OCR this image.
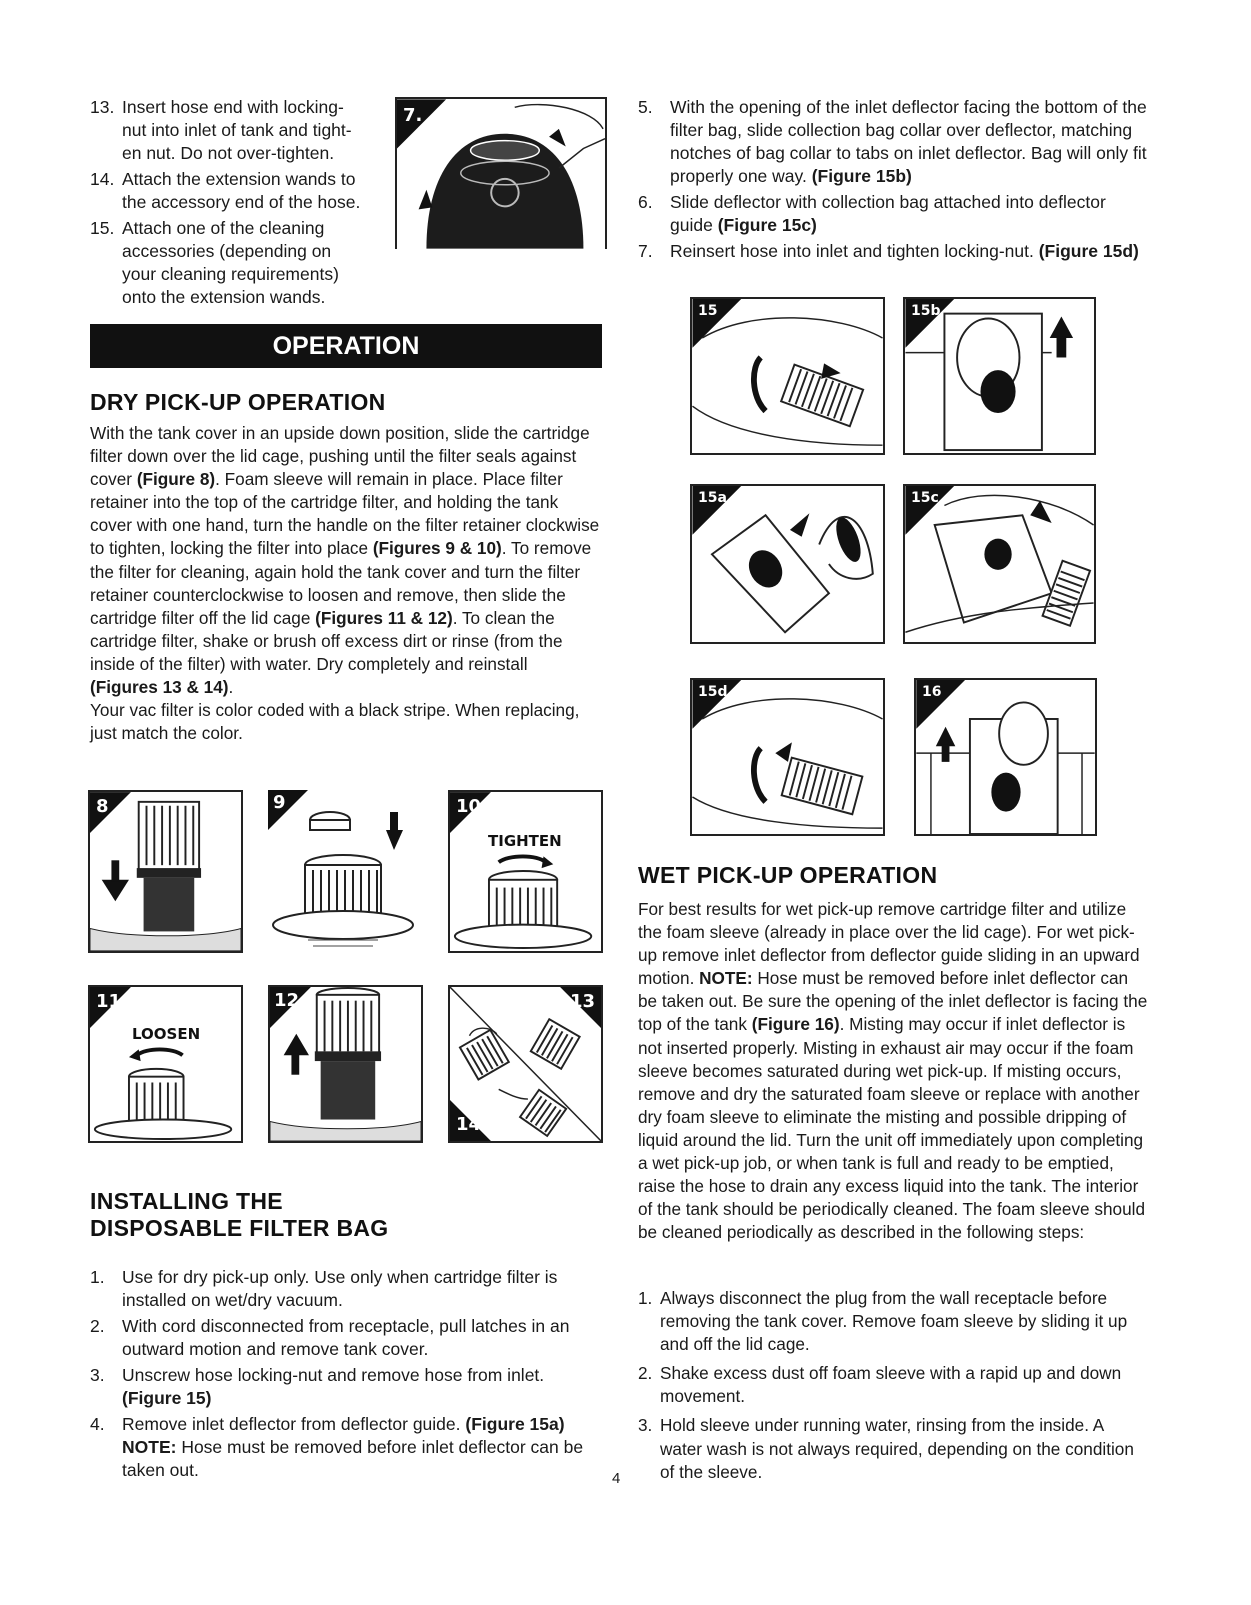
13. Insert hose end with locking-
nut into inlet of tank and tight-
en nut. Do not over-tighten.
14. Attach the extension wands to
the accessory end of the hose.
15. Attach one of the cleaning
accessories (depending on
your cleaning requirements)
onto the extension wands.
7.
OPERATION
DRY PICK-UP OPERATION
With the tank cover in an upside down position, slide the cartridge filter down over the lid cage, pushing until the filter seals against cover (Figure 8). Foam sleeve will remain in place. Place filter retainer into the top of the cartridge filter, and holding the tank cover with one hand, turn the handle on the filter retainer clockwise to tighten, locking the filter into place (Figures 9 & 10). To remove the filter for cleaning, again hold the tank cover and turn the filter retainer counterclockwise to loosen and remove, then slide the cartridge filter off the lid cage (Figures 11 & 12). To clean the cartridge filter, shake or brush off excess dirt or rinse (from the inside of the filter) with water. Dry completely and reinstall (Figures 13 & 14).
Your vac filter is color coded with a black stripe. When replacing, just match the color.
8	9	10
TIGHTEN
11
LOOSEN
12	13
14
INSTALLING THE
DISPOSABLE FILTER BAG
1. Use for dry pick-up only. Use only when cartridge filter is installed on wet/dry vacuum.
2. With cord disconnected from receptacle, pull latches in an outward motion and remove tank cover.
3. Unscrew hose locking-nut and remove hose from inlet.
(Figure 15)
4. Remove inlet deflector from deflector guide. (Figure 15a)
NOTE: Hose must be removed before inlet deflector can be taken out.
5. With the opening of the inlet deflector facing the bottom of the filter bag, slide collection bag collar over deflector, matching notches of bag collar to tabs on inlet deflector. Bag will only fit properly one way. (Figure 15b)
6. Slide deflector with collection bag attached into deflector guide (Figure 15c)
7. Reinsert hose into inlet and tighten locking-nut. (Figure 15d)
15	15b
15a	15c
15d	16
WET PICK-UP OPERATION
For best results for wet pick-up remove cartridge filter and utilize the foam sleeve (already in place over the lid cage). For wet pick-up remove inlet deflector from deflector guide sliding in an upward motion. NOTE: Hose must be removed before inlet deflector can be taken out. Be sure the opening of the inlet deflector is facing the top of the tank (Figure 16). Misting may occur if inlet deflector is not inserted properly. Misting in exhaust air may occur if the foam sleeve becomes saturated during wet pick-up. If misting occurs, remove and dry the saturated foam sleeve or replace with another dry foam sleeve to eliminate the misting and possible dripping of liquid around the lid. Turn the unit off immediately upon completing a wet pick-up job, or when tank is full and ready to be emptied, raise the hose to drain any excess liquid into the tank. The interior of the tank should be periodically cleaned. The foam sleeve should be cleaned periodically as described in the following steps:
1. Always disconnect the plug from the wall receptacle before removing the tank cover. Remove foam sleeve by sliding it up and off the lid cage.
2. Shake excess dust off foam sleeve with a rapid up and down movement.
3. Hold sleeve under running water, rinsing from the inside. A water wash is not always required, depending on the condition of the sleeve.
4
